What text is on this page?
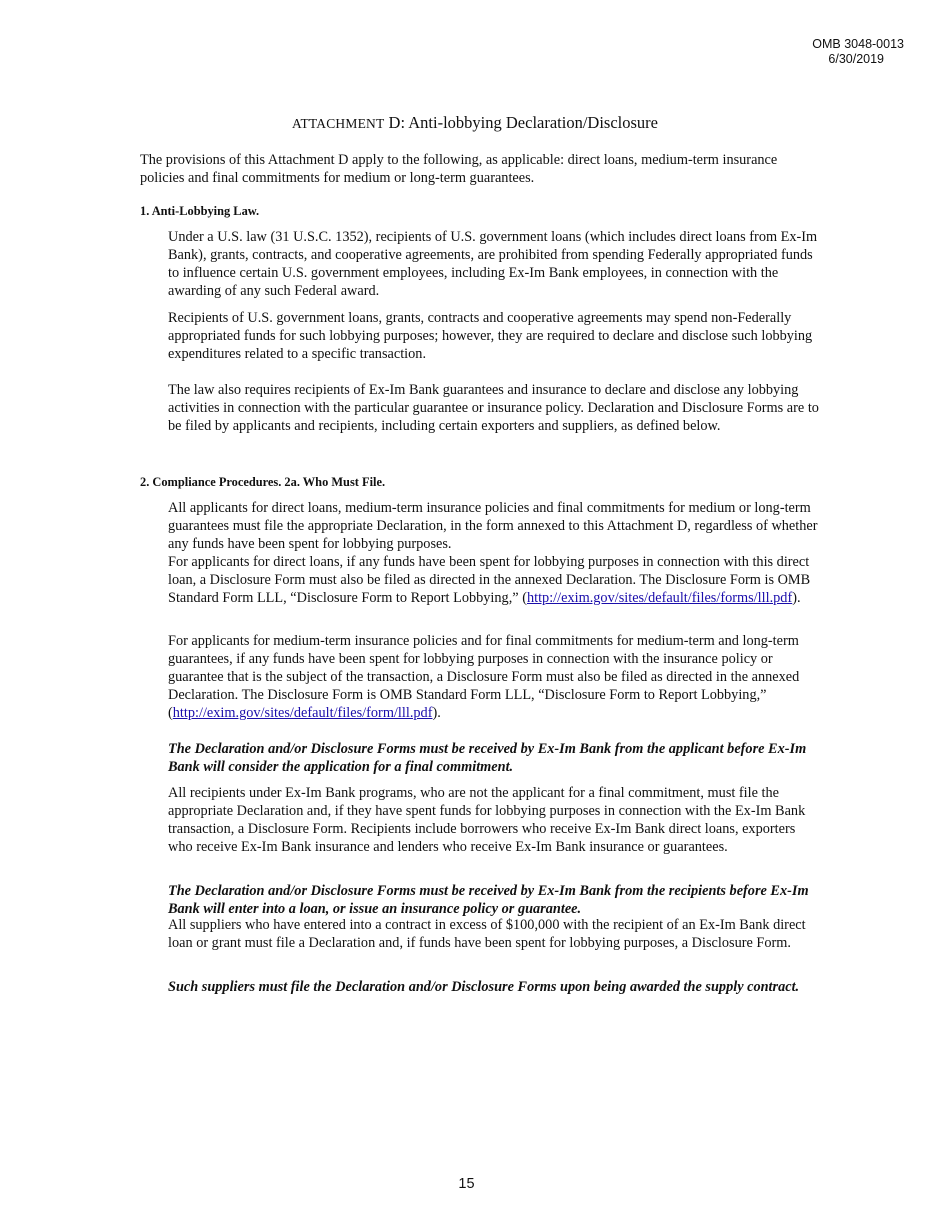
OMB 3048-0013
6/30/2019
ATTACHMENT D: Anti-lobbying Declaration/Disclosure

The provisions of this Attachment D apply to the following, as applicable: direct loans, medium-term insurance policies and final commitments for medium or long-term guarantees.

1. Anti-Lobbying Law.

Under a U.S. law (31 U.S.C. 1352), recipients of U.S. government loans (which includes direct loans from Ex-Im Bank), grants, contracts, and cooperative agreements, are prohibited from spending Federally appropriated funds to influence certain U.S. government employees, including Ex-Im Bank employees, in connection with the awarding of any such Federal award.

Recipients of U.S. government loans, grants, contracts and cooperative agreements may spend non-Federally appropriated funds for such lobbying purposes; however, they are required to declare and disclose such lobbying expenditures related to a specific transaction.

The law also requires recipients of Ex-Im Bank guarantees and insurance to declare and disclose any lobbying activities in connection with the particular guarantee or insurance policy. Declaration and Disclosure Forms are to be filed by applicants and recipients, including certain exporters and suppliers, as defined below.

2. Compliance Procedures. 2a. Who Must File.

All applicants for direct loans, medium-term insurance policies and final commitments for medium or long-term guarantees must file the appropriate Declaration, in the form annexed to this Attachment D, regardless of whether any funds have been spent for lobbying purposes.

For applicants for direct loans, if any funds have been spent for lobbying purposes in connection with this direct loan, a Disclosure Form must also be filed as directed in the annexed Declaration. The Disclosure Form is OMB Standard Form LLL, “Disclosure Form to Report Lobbying,” (http://exim.gov/sites/default/files/forms/lll.pdf).

For applicants for medium-term insurance policies and for final commitments for medium-term and long-term guarantees, if any funds have been spent for lobbying purposes in connection with the insurance policy or guarantee that is the subject of the transaction, a Disclosure Form must also be filed as directed in the annexed Declaration. The Disclosure Form is OMB Standard Form LLL, “Disclosure Form to Report Lobbying,” (http://exim.gov/sites/default/files/form/lll.pdf).

The Declaration and/or Disclosure Forms must be received by Ex-Im Bank from the applicant before Ex-Im Bank will consider the application for a final commitment.

All recipients under Ex-Im Bank programs, who are not the applicant for a final commitment, must file the appropriate Declaration and, if they have spent funds for lobbying purposes in connection with the Ex-Im Bank transaction, a Disclosure Form. Recipients include borrowers who receive Ex-Im Bank direct loans, exporters who receive Ex-Im Bank insurance and lenders who receive Ex-Im Bank insurance or guarantees.

The Declaration and/or Disclosure Forms must be received by Ex-Im Bank from the recipients before Ex-Im Bank will enter into a loan, or issue an insurance policy or guarantee.

All suppliers who have entered into a contract in excess of $100,000 with the recipient of an Ex-Im Bank direct loan or grant must file a Declaration and, if funds have been spent for lobbying purposes, a Disclosure Form.

Such suppliers must file the Declaration and/or Disclosure Forms upon being awarded the supply contract.

15
